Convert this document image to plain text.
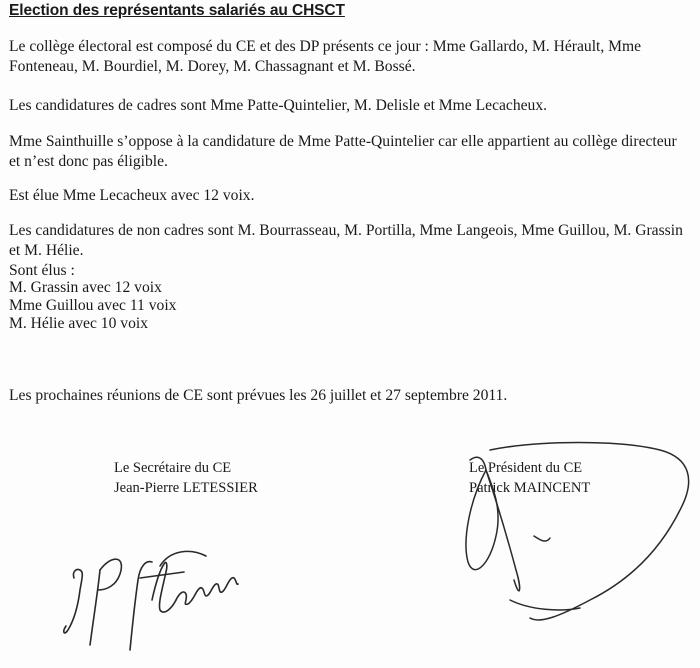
Election des représentants salariés au CHSCT

Le collège électoral est composé du CE et des DP présents ce jour : Mme Gallardo, M. Hérault, Mme Fonteneau, M. Bourdiel, M. Dorey, M. Chassagnant et M. Bossé.

Les candidatures de cadres sont Mme Patte-Quintelier, M. Delisle et Mme Lecacheux.

Mme Sainthuille s’oppose à la candidature de Mme Patte-Quintelier car elle appartient au collège directeur et n’est donc pas éligible.

Est élue Mme Lecacheux avec 12 voix.

Les candidatures de non cadres sont M. Bourrasseau, M. Portilla, Mme Langeois, Mme Guillou, M. Grassin et M. Hélie.

Sont élus :

M. Grassin avec 12 voix

Mme Guillou avec 11 voix

M. Hélie avec 10 voix

Les prochaines réunions de CE sont prévues les 26 juillet et 27 septembre 2011.

Le Secrétaire du CE
Jean-Pierre LETESSIER
Le Président du CE
Patrick MAINCENT
